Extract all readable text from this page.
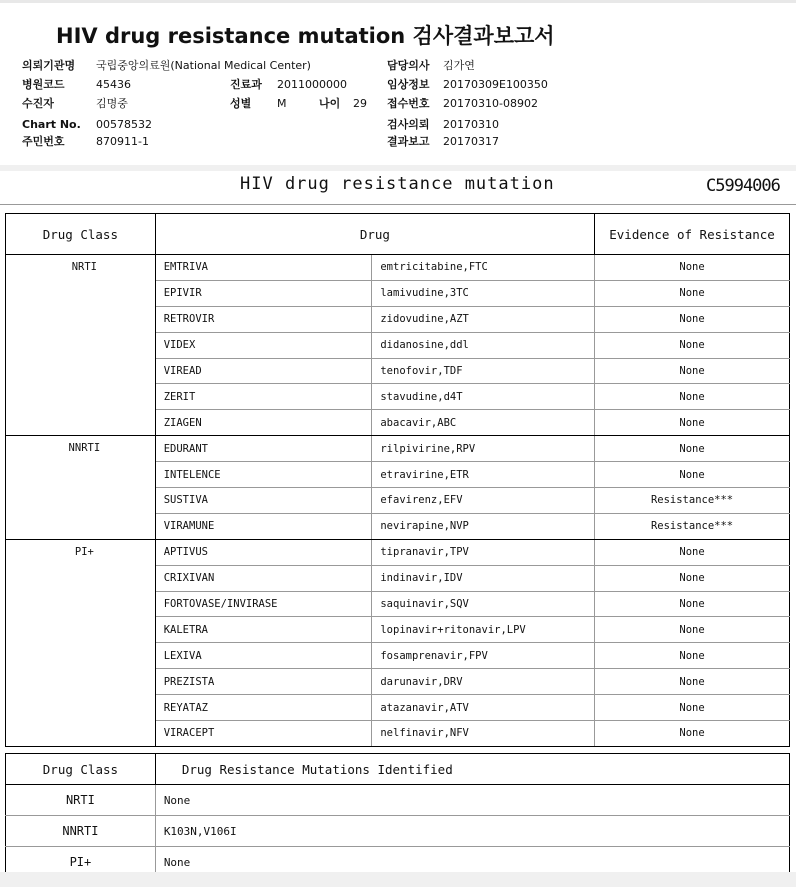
HIV drug resistance mutation 검사결과보고서
의뢰기관명 국립중앙의료원(National Medical Center)
병원코드	45436
수진자	김명중
Chart No. 00578532
주민번호	870911-1
진료과 2011000000
성별 M	나이 29
담당의사 김가연
임상정보 20170309E100350
접수번호 20170310-08902
검사의뢰 20170310
결과보고 20170317
HIV drug resistance mutation	C5994006
Drug Class	Drug		Evidence of Resistance
NRTI	EMTRIVA	emtricitabine,FTC	None
	EPIVIR	lamivudine,3TC	None
	RETROVIR	zidovudine,AZT	None
	VIDEX	didanosine,ddl	None
	VIREAD	tenofovir,TDF	None
	ZERIT	stavudine,d4T	None
	ZIAGEN	abacavir,ABC	None
NNRTI	EDURANT	rilpivirine,RPV	None
	INTELENCE	etravirine,ETR	None
	SUSTIVA	efavirenz,EFV	Resistance***
	VIRAMUNE	nevirapine,NVP	Resistance***
PI+	APTIVUS	tipranavir,TPV	None
	CRIXIVAN	indinavir,IDV	None
	FORTOVASE/INVIRASE	saquinavir,SQV	None
	KALETRA	lopinavir+ritonavir,LPV	None
	LEXIVA	fosamprenavir,FPV	None
	PREZISTA	darunavir,DRV	None
	REYATAZ	atazanavir,ATV	None
	VIRACEPT	nelfinavir,NFV	None
Drug Class	Drug Resistance Mutations Identified
NRTI	None
NNRTI	K103N,V106I
PI+	None
